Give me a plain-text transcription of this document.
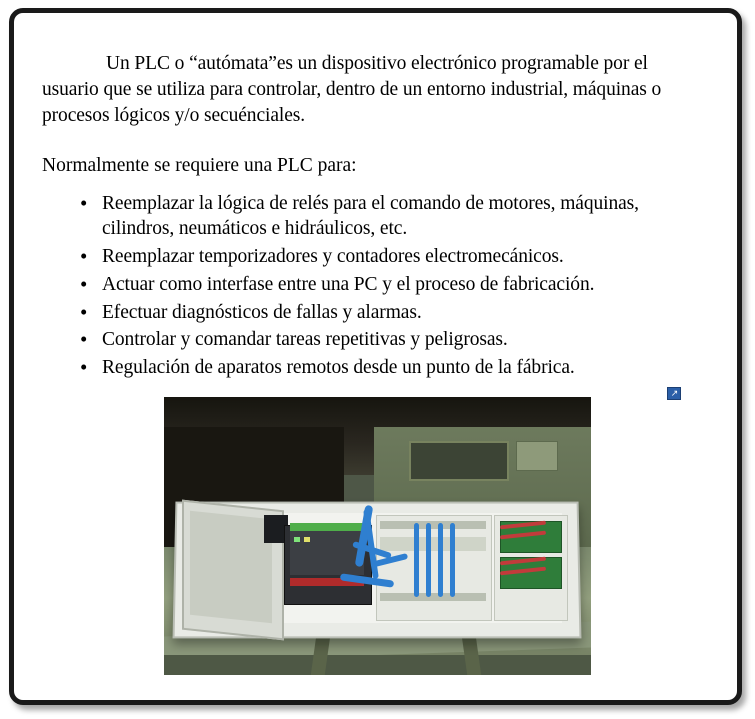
Un PLC o “autómata”es un dispositivo electrónico programable por el usuario que se utiliza para controlar, dentro de un entorno industrial, máquinas o procesos lógicos y/o secuénciales.

Normalmente se requiere una PLC para:

• Reemplazar la lógica de relés para el comando de motores, máquinas, cilindros, neumáticos e hidráulicos, etc.
• Reemplazar temporizadores y contadores electromecánicos.
• Actuar como interfase entre una PC y el proceso de fabricación.
• Efectuar diagnósticos de fallas y alarmas.
• Controlar y comandar tareas repetitivas y peligrosas.
• Regulación de aparatos remotos desde un punto de la fábrica.
↗
